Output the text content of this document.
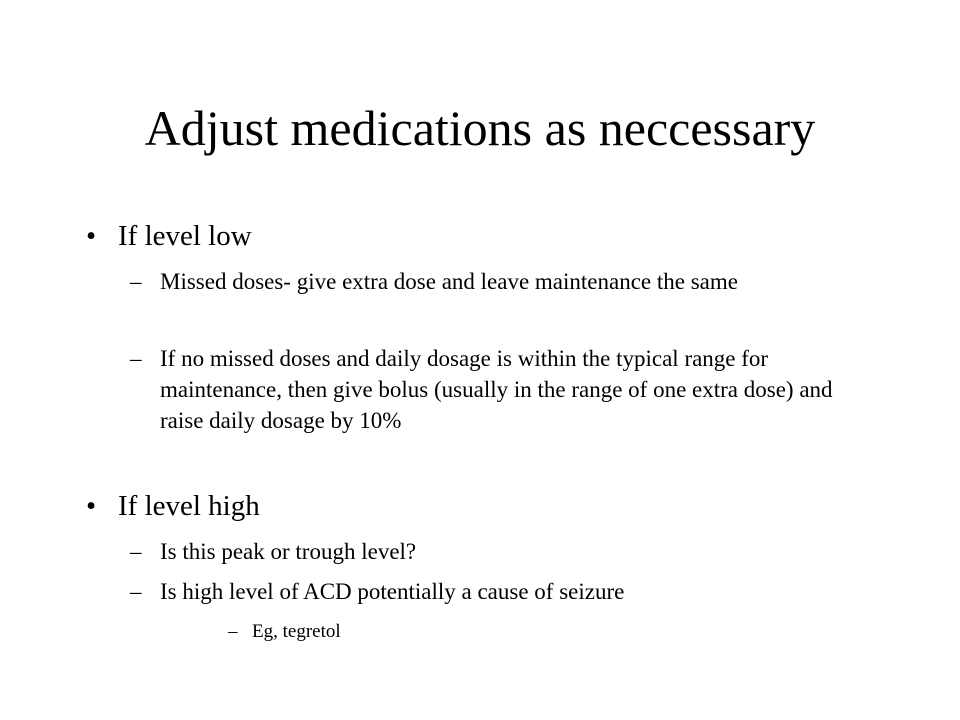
Adjust medications as neccessary
• If level low
– Missed doses- give extra dose and leave maintenance the same
– If no missed doses and daily dosage is within the typical range for maintenance, then give bolus (usually in the range of one extra dose) and raise daily dosage by 10%
• If level high
– Is this peak or trough level?
– Is high level of ACD potentially a cause of seizure
– Eg, tegretol
